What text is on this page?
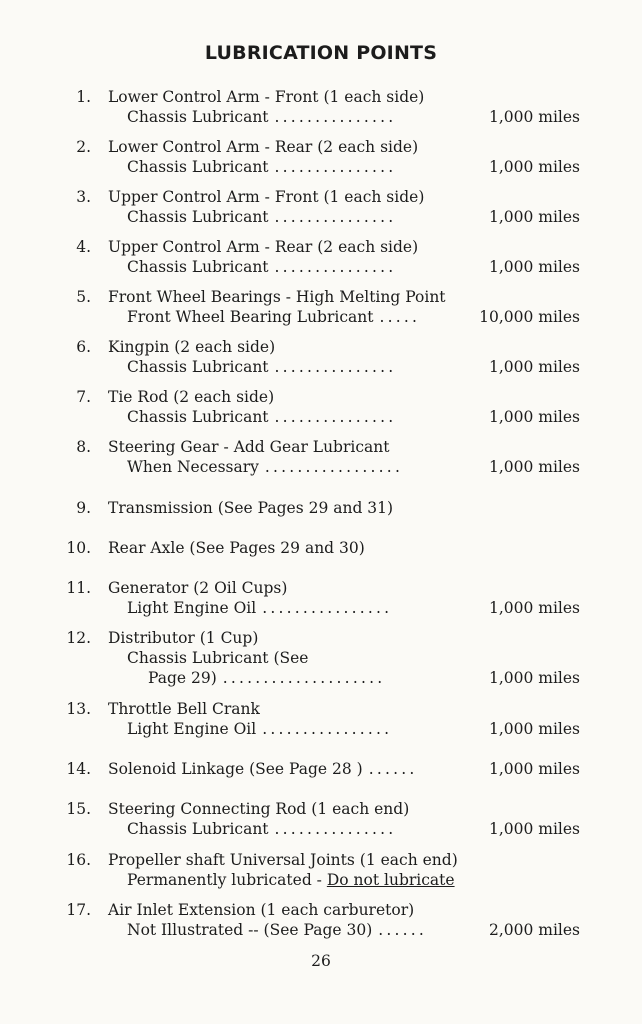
LUBRICATION POINTS
1. Lower Control Arm - Front (1 each side)
Chassis Lubricant ...............	1,000 miles
2. Lower Control Arm - Rear (2 each side)
Chassis Lubricant ...............	1,000 miles
3. Upper Control Arm - Front (1 each side)
Chassis Lubricant ...............	1,000 miles
4. Upper Control Arm - Rear (2 each side)
Chassis Lubricant ...............	1,000 miles
5. Front Wheel Bearings - High Melting Point
Front Wheel Bearing Lubricant .....	10,000 miles
6. Kingpin (2 each side)
Chassis Lubricant ...............	1,000 miles
7. Tie Rod (2 each side)
Chassis Lubricant ...............	1,000 miles
8. Steering Gear - Add Gear Lubricant
When Necessary .................	1,000 miles
9. Transmission (See Pages 29 and 31)
10. Rear Axle (See Pages 29 and 30)
11. Generator (2 Oil Cups)
Light Engine Oil ................	1,000 miles
12. Distributor (1 Cup)
Chassis Lubricant (See
Page 29) ....................	1,000 miles
13. Throttle Bell Crank
Light Engine Oil ................	1,000 miles
14. Solenoid Linkage (See Page 28 ) ......	1,000 miles
15. Steering Connecting Rod (1 each end)
Chassis Lubricant ...............	1,000 miles
16. Propeller shaft Universal Joints (1 each end)
Permanently lubricated -
Do not lubricate
17. Air Inlet Extension (1 each carburetor)
Not Illustrated -- (See Page 30) ......	2,000 miles
26
